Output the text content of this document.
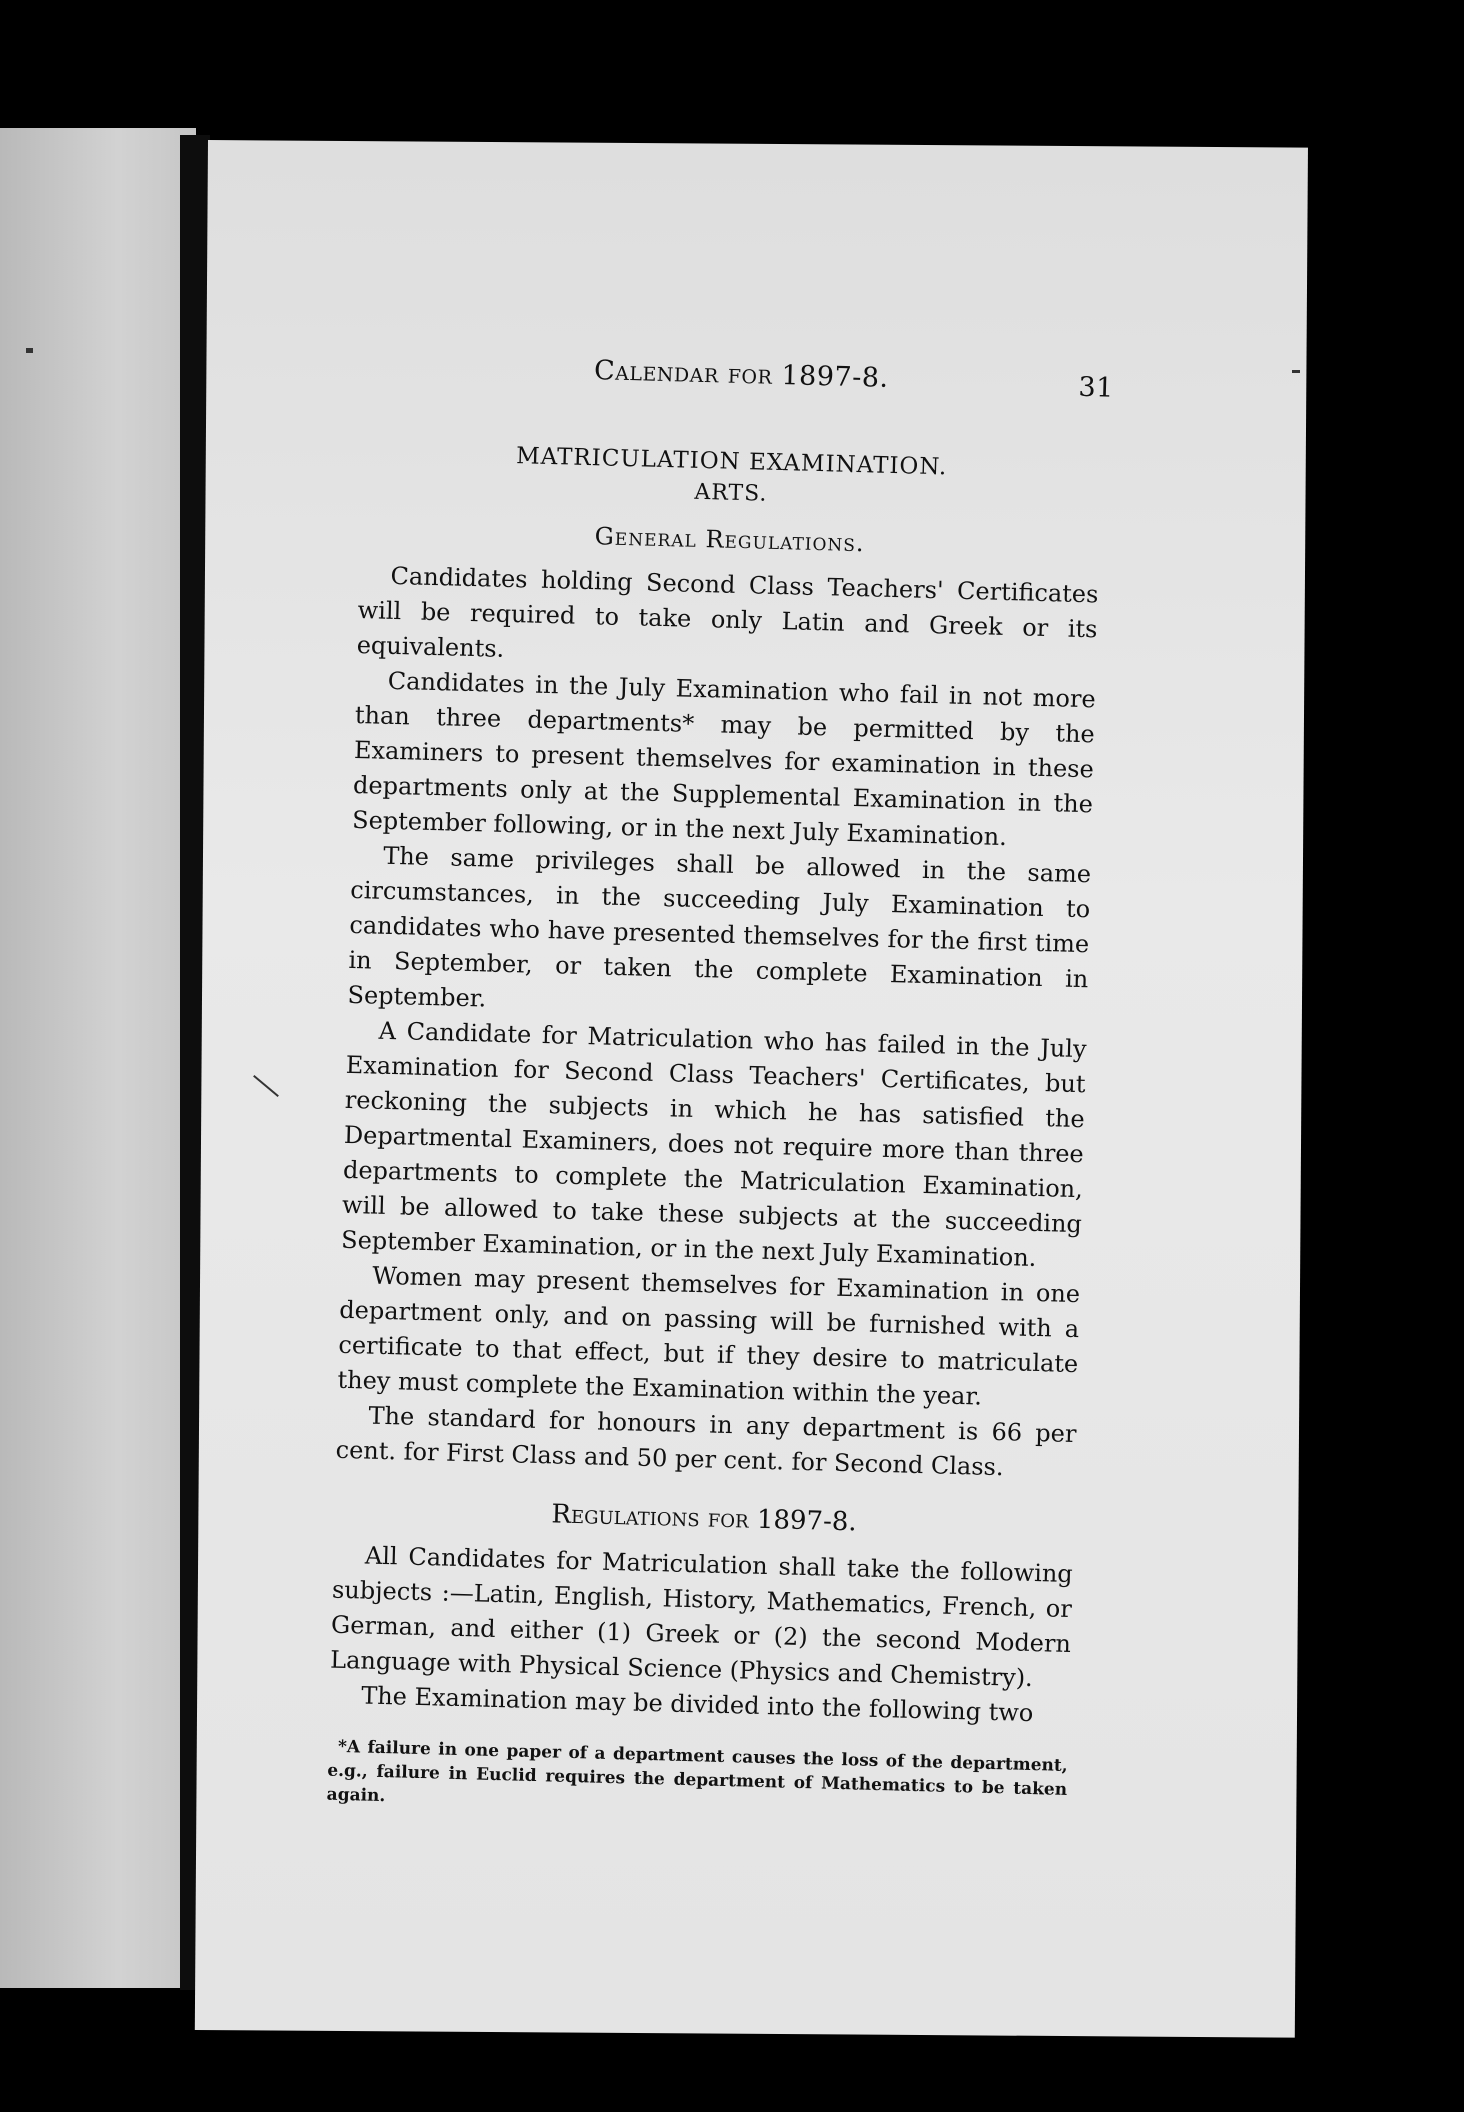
Calendar for 1897-8.	31
MATRICULATION EXAMINATION.
ARTS.
General Regulations.

Candidates holding Second Class Teachers' Certificates will be required to take only Latin and Greek or its equivalents.

Candidates in the July Examination who fail in not more than three departments* may be permitted by the Examiners to present themselves for examination in these departments only at the Supplemental Examination in the September following, or in the next July Examination.

The same privileges shall be allowed in the same circumstances, in the succeeding July Examination to candidates who have presented themselves for the first time in September, or taken the complete Examination in September.

A Candidate for Matriculation who has failed in the July Examination for Second Class Teachers' Certificates, but reckoning the subjects in which he has satisfied the Departmental Examiners, does not require more than three departments to complete the Matriculation Examination, will be allowed to take these subjects at the succeeding September Examination, or in the next July Examination.

Women may present themselves for Examination in one department only, and on passing will be furnished with a certificate to that effect, but if they desire to matriculate they must complete the Examination within the year.

The standard for honours in any department is 66 per cent. for First Class and 50 per cent. for Second Class.

Regulations for 1897-8.

All Candidates for Matriculation shall take the following subjects :—Latin, English, History, Mathematics, French, or German, and either (1) Greek or (2) the second Modern Language with Physical Science (Physics and Chemistry).

The Examination may be divided into the following two

*A failure in one paper of a department causes the loss of the department, e.g., failure in Euclid requires the department of Mathematics to be taken again.
